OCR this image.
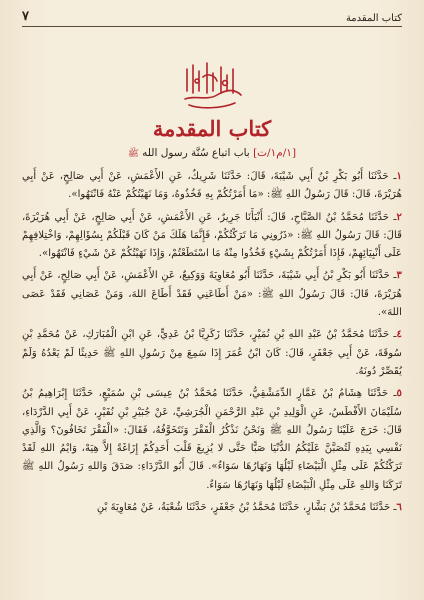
٧	كتاب المقدمة
كتاب المقدمة
[١/م١/ت] باب اتباع سُنَّة رسول الله ﷺ

١ـ حَدَّثَنَا أَبُو بَكْرِ بْنُ أَبِي شَيْبَةَ، قَالَ: حَدَّثَنَا شَرِيكٌ، عَنِ الأَعْمَشِ، عَنْ أَبِي صَالِحٍ، عَنْ أَبِي هُرَيْرَةَ، قَالَ: قَالَ رَسُولُ اللهِ ﷺ: «مَا أَمَرْتُكُمْ بِهِ فَخُذُوهُ، وَمَا نَهَيْتُكُمْ عَنْهُ فَانْتَهُوا».

٢ـ حَدَّثَنَا مُحَمَّدُ بْنُ الصَّبَّاحِ، قَالَ: أَنْبَأَنَا جَرِيرٌ، عَنِ الأَعْمَشِ، عَنْ أَبِي صَالِحٍ، عَنْ أَبِي هُرَيْرَةَ، قَالَ: قَالَ رَسُولُ اللهِ ﷺ: «ذَرُونِي مَا تَرَكْتُكُمْ، فَإِنَّمَا هَلَكَ مَنْ كَانَ قَبْلَكُمْ بِسُؤَالِهِمْ، وَاخْتِلافِهِمْ عَلَى أَنْبِيَائِهِمْ، فَإِذَا أَمَرْتُكُمْ بِشَيْءٍ فَخُذُوا مِنْهُ مَا اسْتَطَعْتُمْ، وَإِذَا نَهَيْتُكُمْ عَنْ شَيْءٍ فَانْتَهُوا».

٣ـ حَدَّثَنَا أَبُو بَكْرِ بْنُ أَبِي شَيْبَةَ، حَدَّثَنَا أَبُو مُعَاوِيَةَ وَوَكِيعٌ، عَنِ الأَعْمَشِ، عَنْ أَبِي صَالِحٍ، عَنْ أَبِي هُرَيْرَةَ، قَالَ: قَالَ رَسُولُ اللهِ ﷺ: «مَنْ أَطَاعَنِي فَقَدْ أَطَاعَ اللهَ، وَمَنْ عَصَانِي فَقَدْ عَصَى اللهَ».

٤ـ حَدَّثَنَا مُحَمَّدُ بْنُ عَبْدِ اللهِ بْنِ نُمَيْرٍ، حَدَّثَنَا زَكَرِيَّا بْنُ عَدِيٍّ، عَنِ ابْنِ الْمُبَارَكِ، عَنْ مُحَمَّدِ بْنِ سُوقَةَ، عَنْ أَبِي جَعْفَرٍ، قَالَ: كَانَ ابْنُ عُمَرَ إِذَا سَمِعَ مِنْ رَسُولِ اللهِ ﷺ حَدِيثًا لَمْ يَعْدُهُ وَلَمْ يُقَصِّرْ دُونَهُ.

٥ـ حَدَّثَنَا هِشَامُ بْنُ عَمَّارٍ الدِّمَشْقِيُّ، حَدَّثَنَا مُحَمَّدُ بْنُ عِيسَى بْنِ سُمَيْعٍ، حَدَّثَنَا إِبْرَاهِيمُ بْنُ سُلَيْمَانَ الأَفْطَسُ، عَنِ الْوَلِيدِ بْنِ عَبْدِ الرَّحْمَنِ الْجُرَشِيِّ، عَنْ جُبَيْرِ بْنِ نُفَيْرٍ، عَنْ أَبِي الدَّرْدَاءِ، قَالَ: خَرَجَ عَلَيْنَا رَسُولُ اللهِ ﷺ وَنَحْنُ نَذْكُرُ الْفَقْرَ وَنَتَخَوَّفُهُ، فَقَالَ: «الْفَقْرَ تَخَافُونَ؟ وَالَّذِي نَفْسِي بِيَدِهِ لَتُصَبَّنَّ عَلَيْكُمُ الدُّنْيَا صَبًّا حَتَّى لا يُزِيغَ قَلْبَ أَحَدِكُمْ إِزَاغَةً إِلاَّ هِيَهْ، وَايْمُ اللهِ لَقَدْ تَرَكْتُكُمْ عَلَى مِثْلِ الْبَيْضَاءِ لَيْلُهَا وَنَهَارُهَا سَوَاءٌ». قَالَ أَبُو الدَّرْدَاءِ: صَدَقَ وَاللهِ رَسُولُ اللهِ ﷺ تَرَكَنَا وَاللهِ عَلَى مِثْلِ الْبَيْضَاءِ لَيْلُهَا وَنَهَارُهَا سَوَاءٌ.

٦ـ حَدَّثَنَا مُحَمَّدُ بْنُ بَشَّارٍ، حَدَّثَنَا مُحَمَّدُ بْنُ جَعْفَرٍ، حَدَّثَنَا شُعْبَةُ، عَنْ مُعَاوِيَةَ بْنِ
